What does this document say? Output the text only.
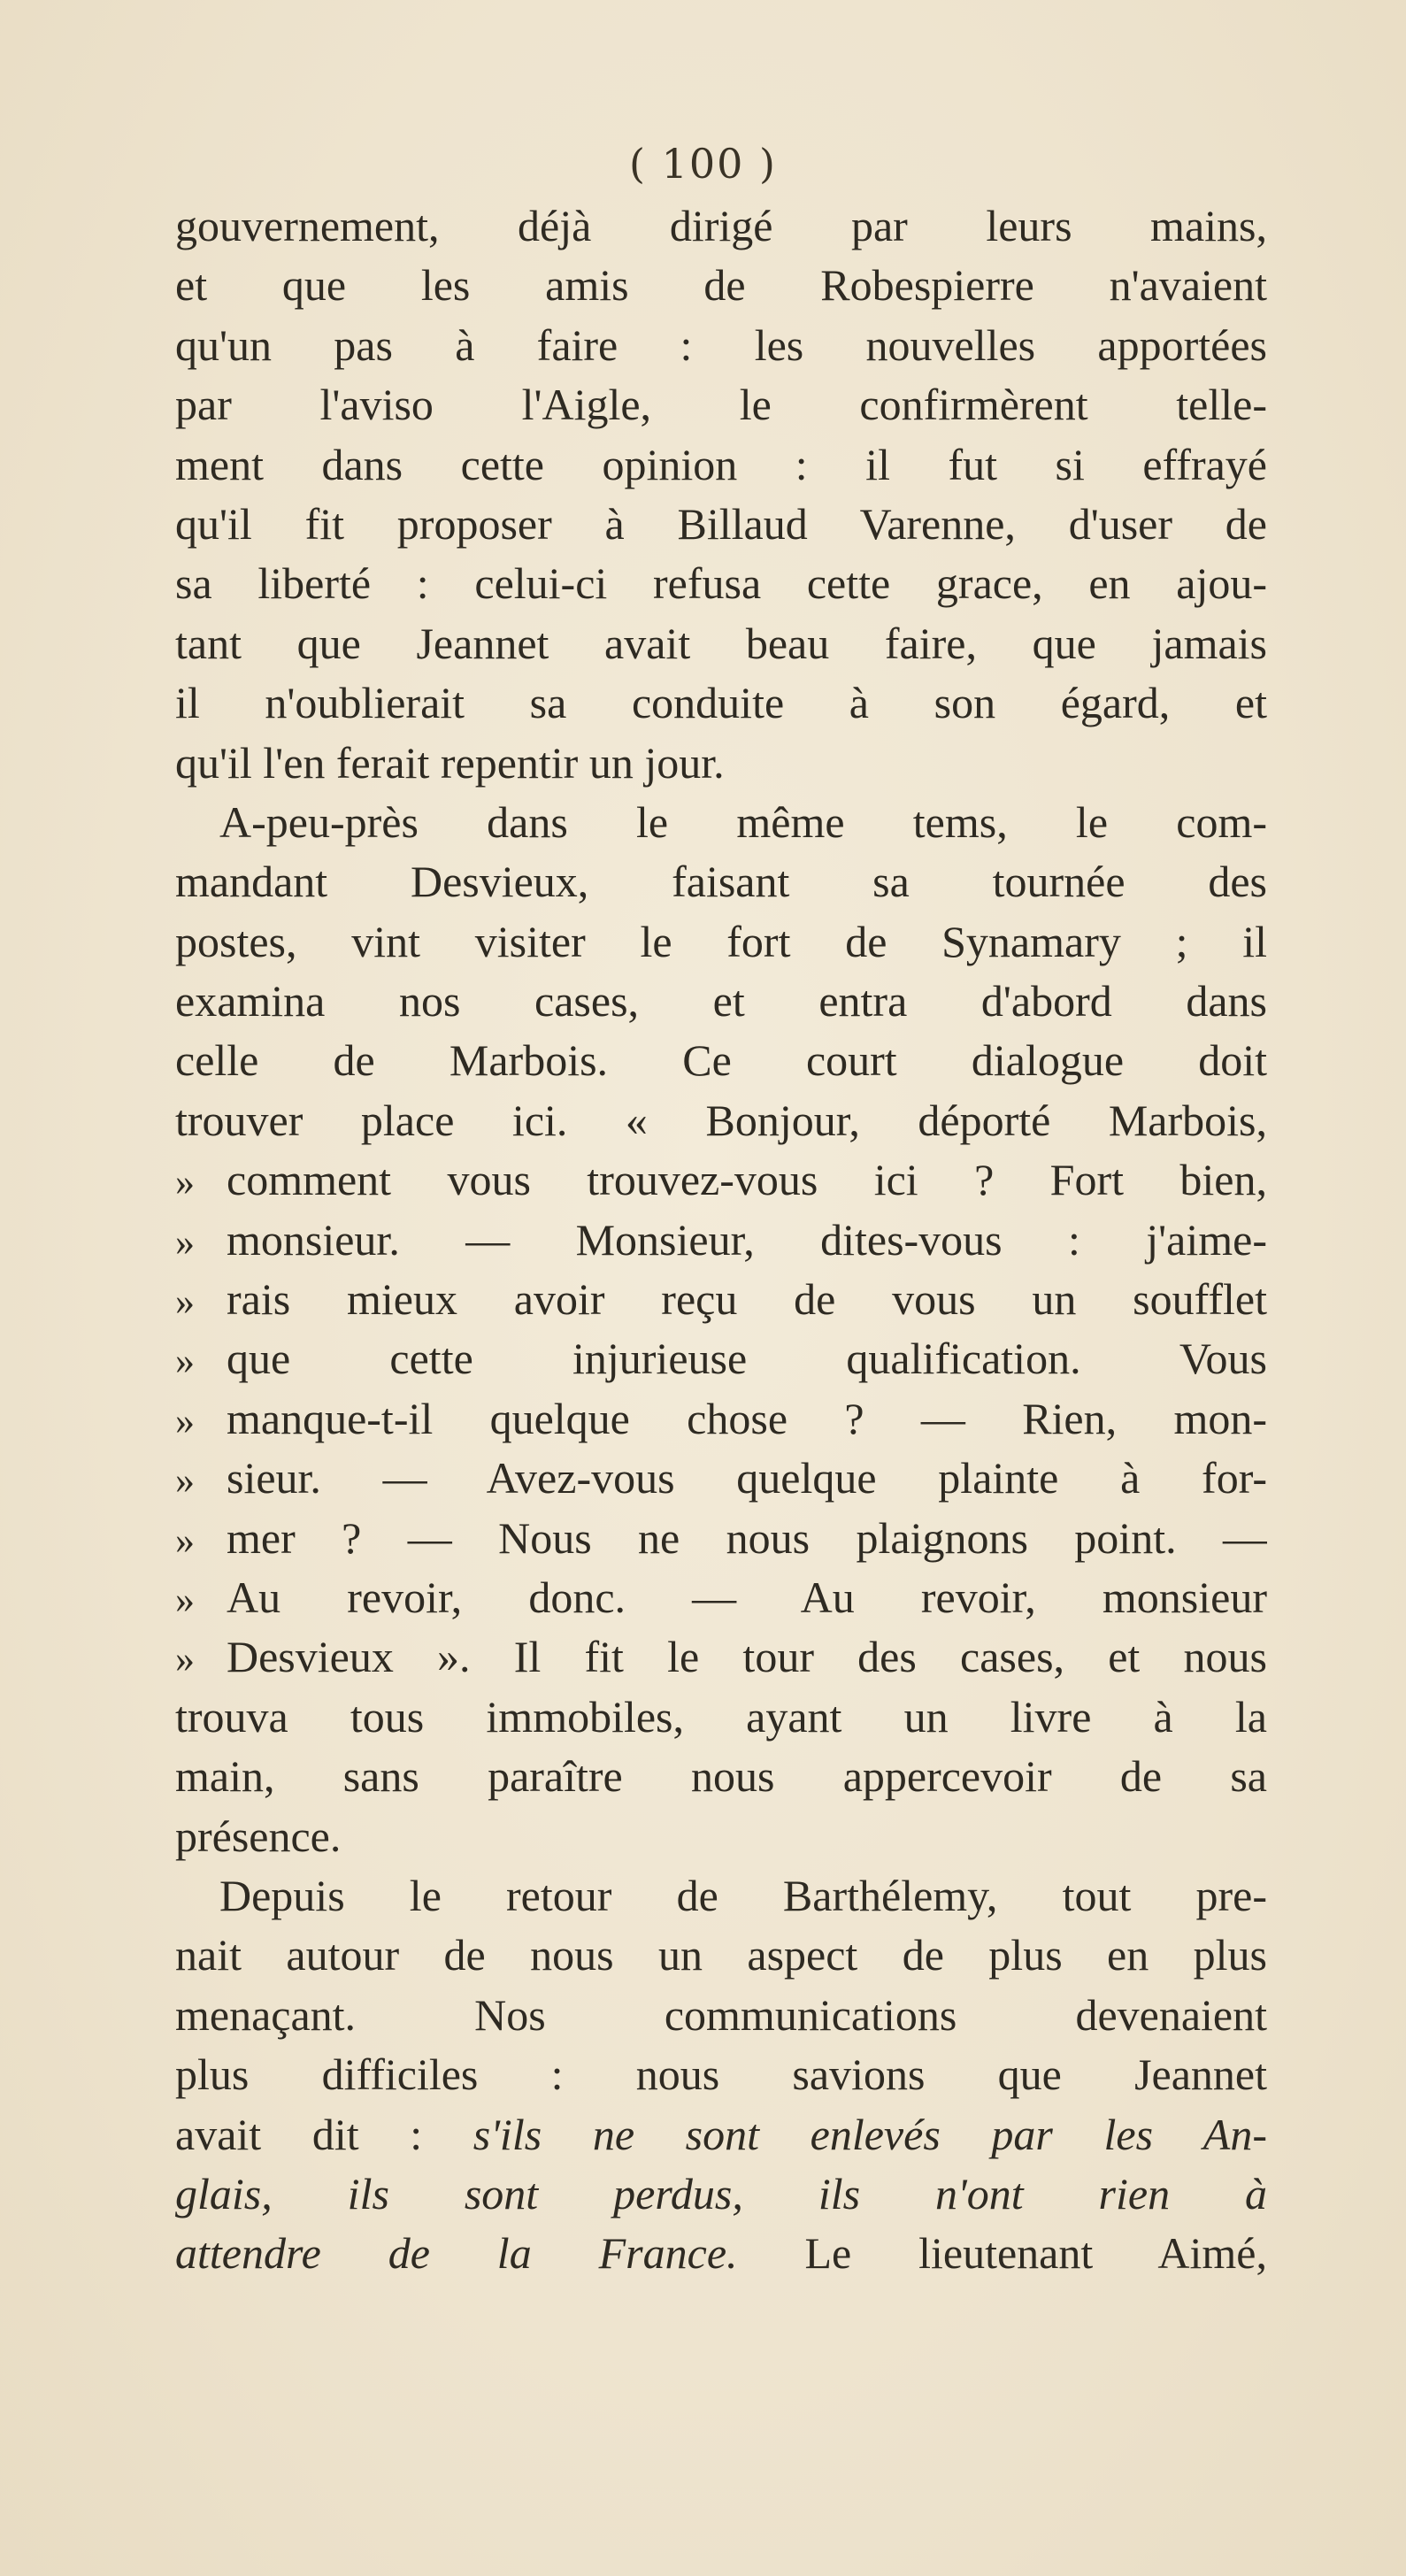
( 100 )
gouvernement, déjà dirigé par leurs mains,
et que les amis de Robespierre n'avaient
qu'un pas à faire : les nouvelles apportées
par l'aviso l'Aigle, le confirmèrent telle-
ment dans cette opinion : il fut si effrayé
qu'il fit proposer à Billaud Varenne, d'user de
sa liberté : celui-ci refusa cette grace, en ajou-
tant que Jeannet avait beau faire, que jamais
il n'oublierait sa conduite à son égard, et
qu'il l'en ferait repentir un jour.
A-peu-près dans le même tems, le com-
mandant Desvieux, faisant sa tournée des
postes, vint visiter le fort de Synamary ; il
examina nos cases, et entra d'abord dans
celle de Marbois. Ce court dialogue doit
trouver place ici. « Bonjour, déporté Marbois,
» comment vous trouvez-vous ici ? Fort bien,
» monsieur. — Monsieur, dites-vous : j'aime-
» rais mieux avoir reçu de vous un soufflet
» que cette injurieuse qualification. Vous
» manque-t-il quelque chose ? — Rien, mon-
» sieur. — Avez-vous quelque plainte à for-
» mer ? — Nous ne nous plaignons point. —
» Au revoir, donc. — Au revoir, monsieur
» Desvieux ». Il fit le tour des cases, et nous
trouva tous immobiles, ayant un livre à la
main, sans paraître nous appercevoir de sa
présence.
Depuis le retour de Barthélemy, tout pre-
nait autour de nous un aspect de plus en plus
menaçant. Nos communications devenaient
plus difficiles : nous savions que Jeannet
avait dit : s'ils ne sont enlevés par les An-
glais, ils sont perdus, ils n'ont rien à
attendre de la France. Le lieutenant Aimé,
